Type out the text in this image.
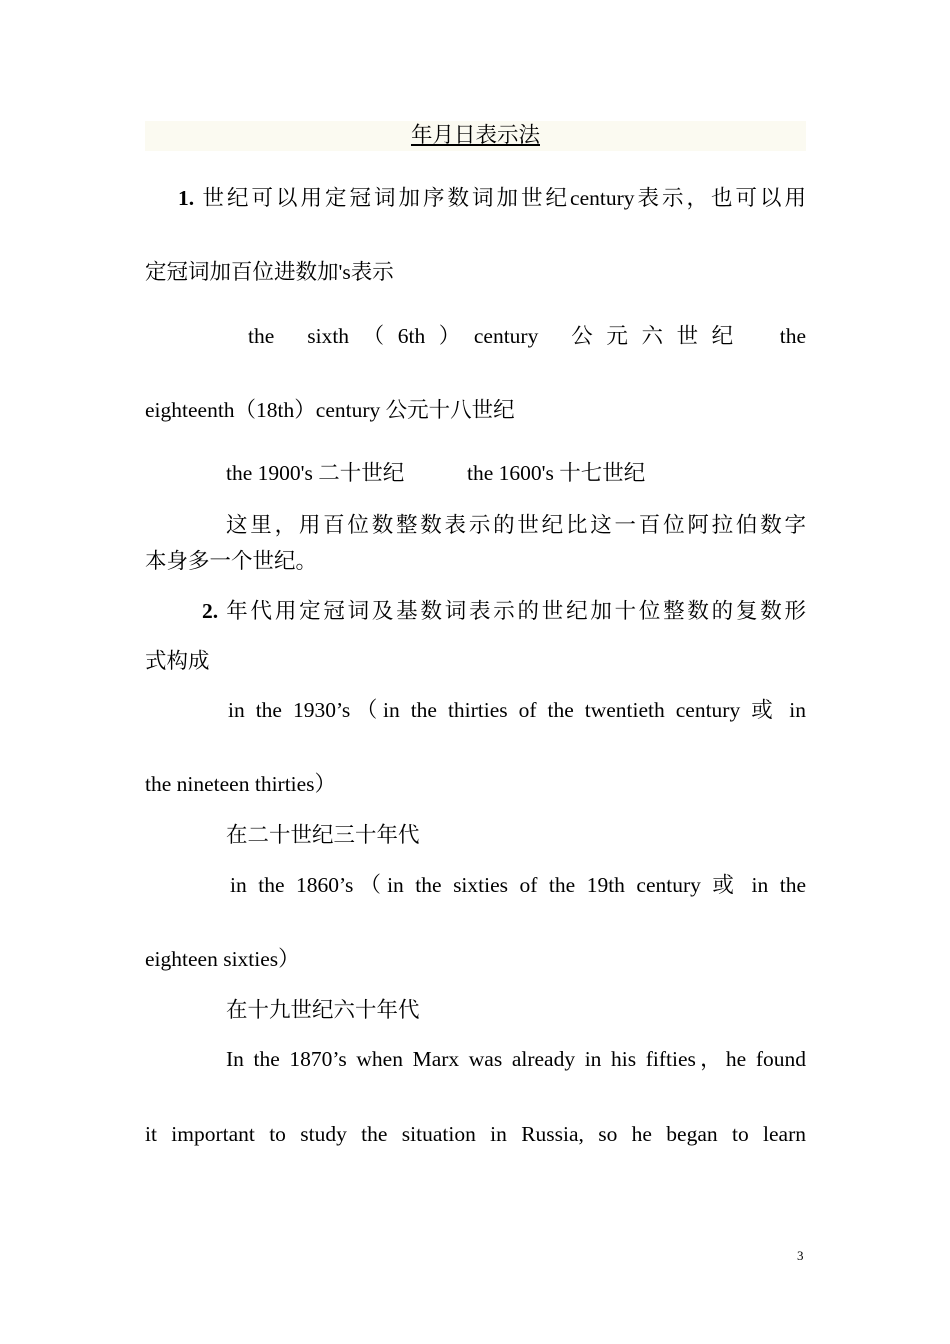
年月日表示法
1. 世纪可以用定冠词加序数词加世纪century表示，也可以用
定冠词加百位进数加's表示
the sixth（6th）century 公元六世纪 the
eighteenth（18th）century 公元十八世纪
the 1900's 二十世纪	the 1600's 十七世纪
这里，用百位数整数表示的世纪比这一百位阿拉伯数字
本身多一个世纪。
2. 年代用定冠词及基数词表示的世纪加十位整数的复数形
式构成
in the 1930’s（in the thirties of the twentieth century 或 in
the nineteen thirties）
在二十世纪三十年代
in the 1860’s（in the sixties of the 19th century 或 in the
eighteen sixties）
在十九世纪六十年代
In the 1870’s when Marx was already in his fifties，he found
it important to study the situation in Russia, so he began to learn
3
